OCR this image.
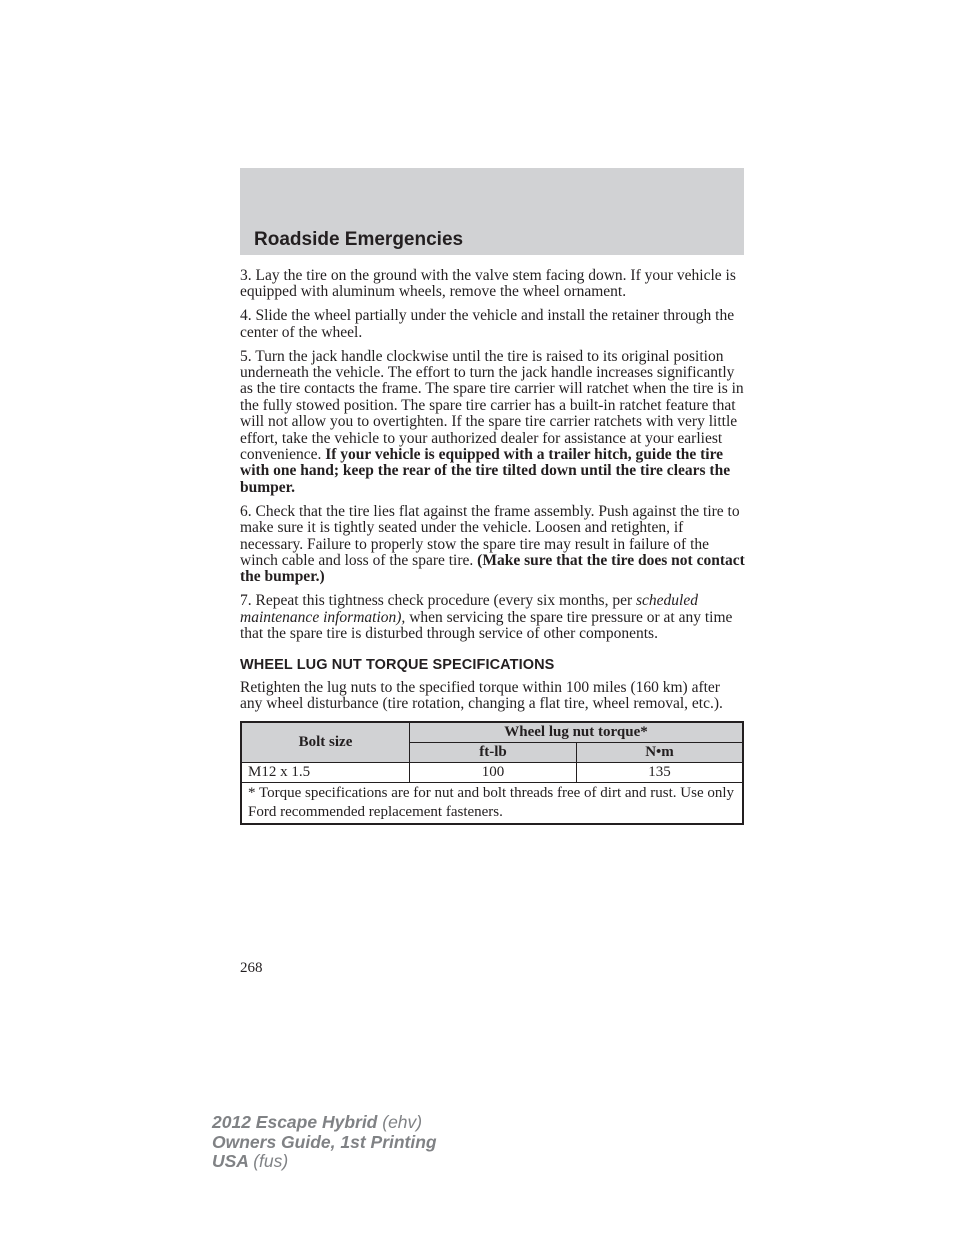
Roadside Emergencies

3. Lay the tire on the ground with the valve stem facing down. If your vehicle is equipped with aluminum wheels, remove the wheel ornament.

4. Slide the wheel partially under the vehicle and install the retainer through the center of the wheel.

5. Turn the jack handle clockwise until the tire is raised to its original position underneath the vehicle. The effort to turn the jack handle increases significantly as the tire contacts the frame. The spare tire carrier will ratchet when the tire is in the fully stowed position. The spare tire carrier has a built-in ratchet feature that will not allow you to overtighten. If the spare tire carrier ratchets with very little effort, take the vehicle to your authorized dealer for assistance at your earliest convenience. If your vehicle is equipped with a trailer hitch, guide the tire with one hand; keep the rear of the tire tilted down until the tire clears the bumper.

6. Check that the tire lies flat against the frame assembly. Push against the tire to make sure it is tightly seated under the vehicle. Loosen and retighten, if necessary. Failure to properly stow the spare tire may result in failure of the winch cable and loss of the spare tire. (Make sure that the tire does not contact the bumper.)

7. Repeat this tightness check procedure (every six months, per scheduled maintenance information), when servicing the spare tire pressure or at any time that the spare tire is disturbed through service of other components.

WHEEL LUG NUT TORQUE SPECIFICATIONS

Retighten the lug nuts to the specified torque within 100 miles (160 km) after any wheel disturbance (tire rotation, changing a flat tire, wheel removal, etc.).

Bolt size	Wheel lug nut torque*	
	ft-lb	N•m
M12 x 1.5	100	135
* Torque specifications are for nut and bolt threads free of dirt and rust. Use only Ford recommended replacement fasteners.		
268
2012 Escape Hybrid (ehv)
Owners Guide, 1st Printing
USA (fus)
